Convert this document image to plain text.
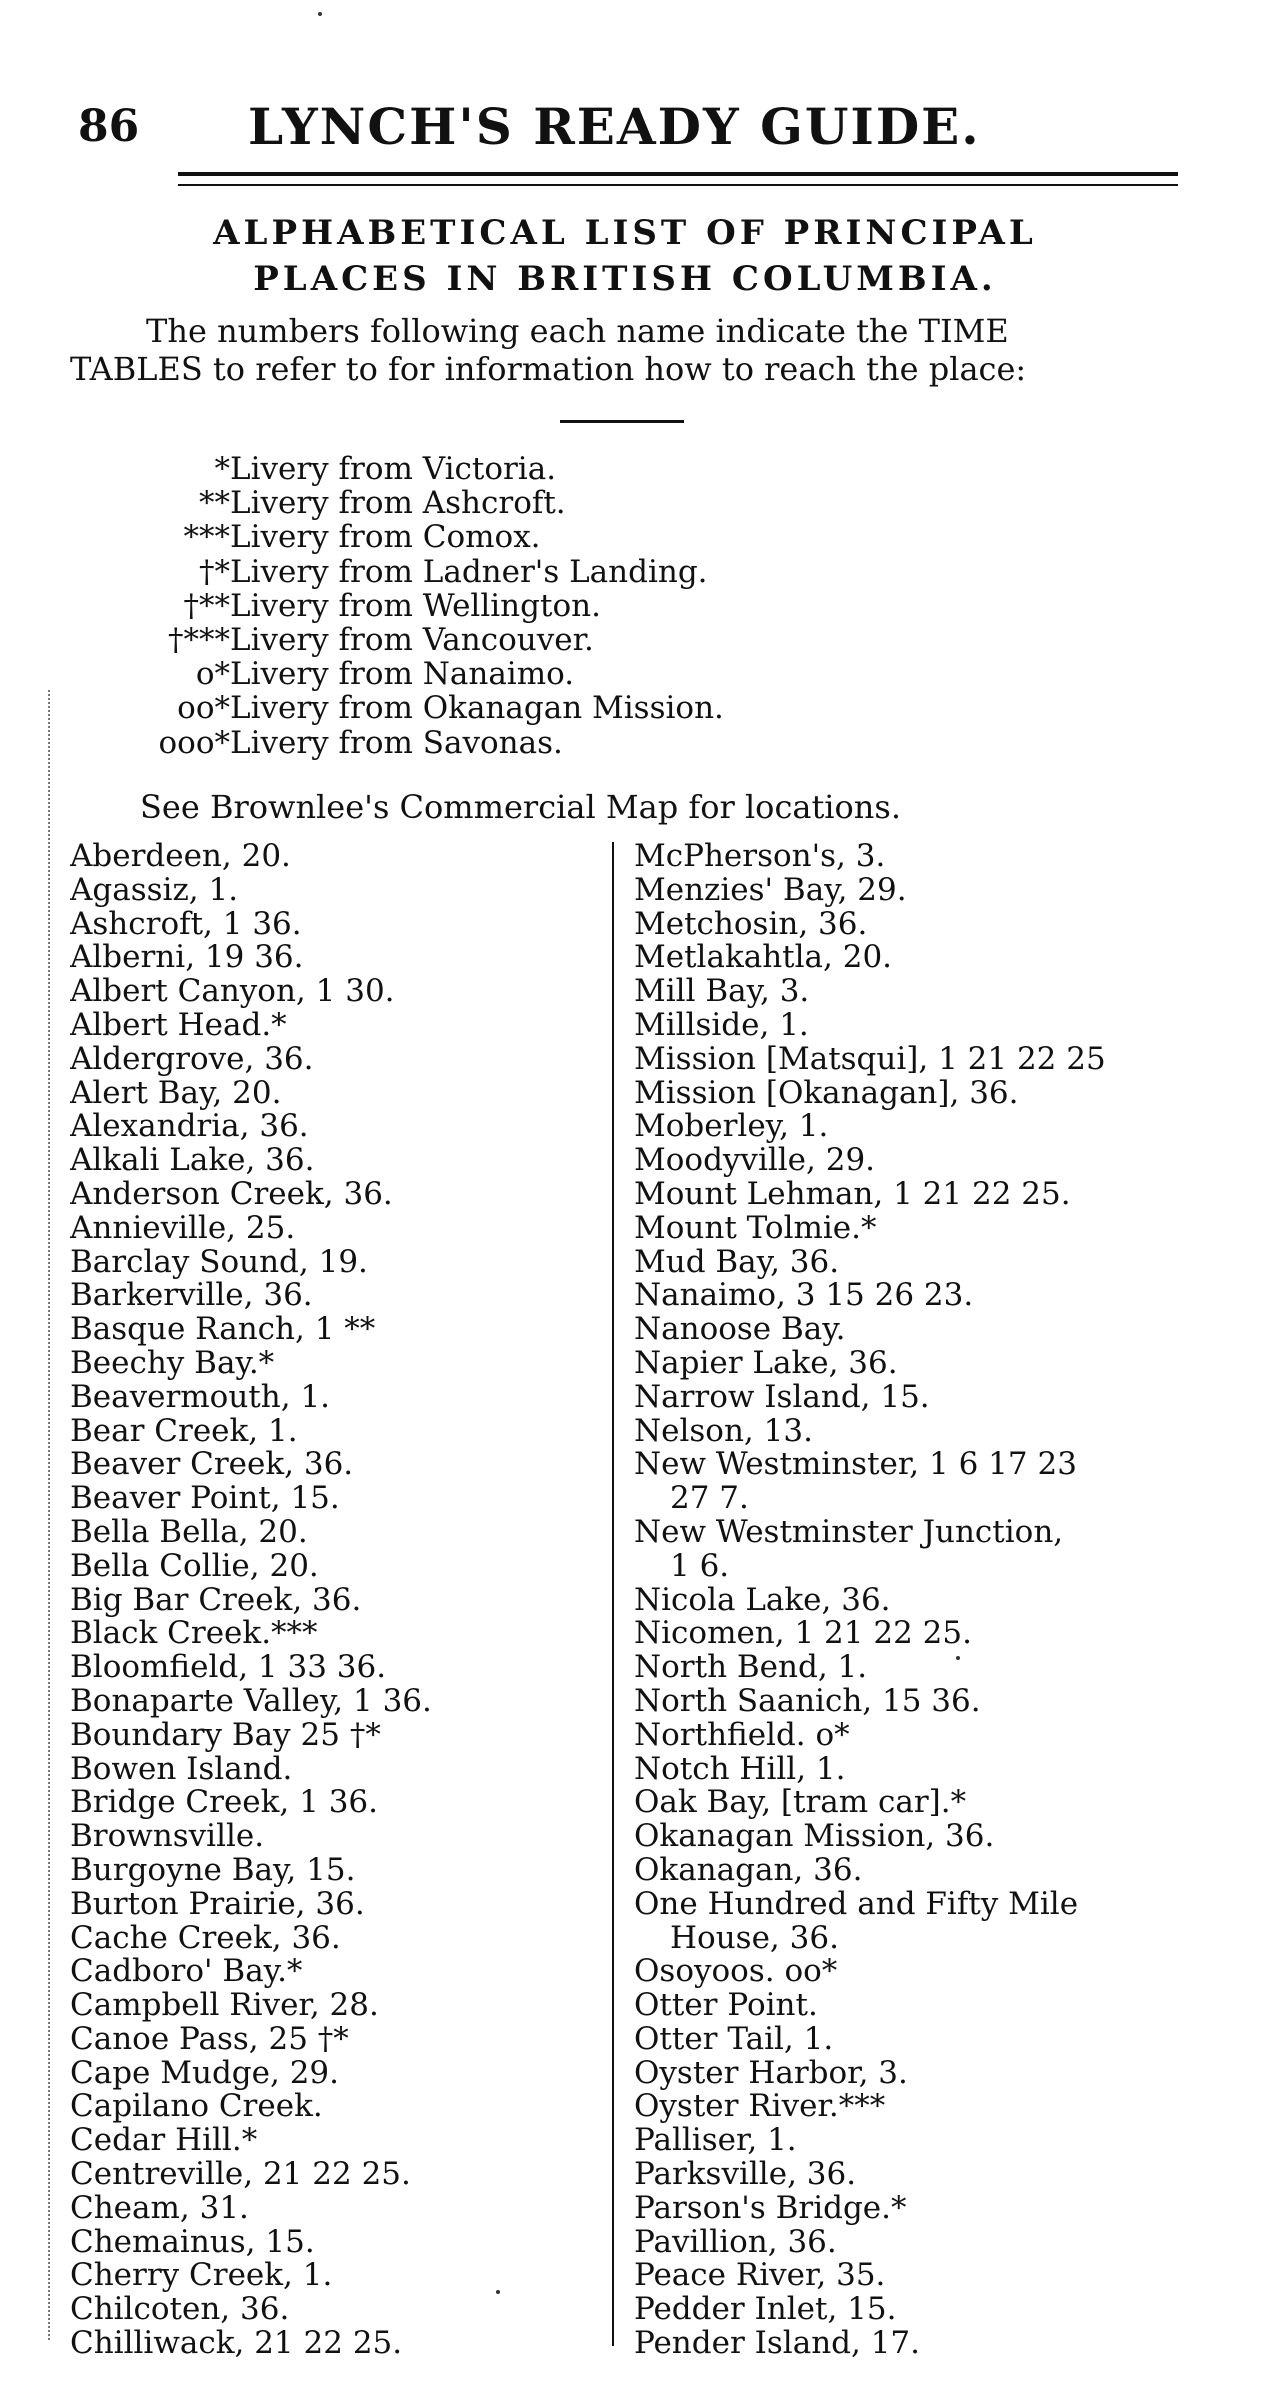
86 LYNCH'S READY GUIDE.
ALPHABETICAL LIST OF PRINCIPAL
PLACES IN BRITISH COLUMBIA.
The numbers following each name indicate the TIME
TABLES to refer to for information how to reach the place:
*Livery from Victoria.
**Livery from Ashcroft.
***Livery from Comox.
†*Livery from Ladner's Landing.
†**Livery from Wellington.
†***Livery from Vancouver.
o*Livery from Nanaimo.
oo*Livery from Okanagan Mission.
ooo*Livery from Savonas.
See Brownlee's Commercial Map for locations.
Aberdeen, 20.
Agassiz, 1.
Ashcroft, 1 36.
Alberni, 19 36.
Albert Canyon, 1 30.
Albert Head.*
Aldergrove, 36.
Alert Bay, 20.
Alexandria, 36.
Alkali Lake, 36.
Anderson Creek, 36.
Annieville, 25.
Barclay Sound, 19.
Barkerville, 36.
Basque Ranch, 1 **
Beechy Bay.*
Beavermouth, 1.
Bear Creek, 1.
Beaver Creek, 36.
Beaver Point, 15.
Bella Bella, 20.
Bella Collie, 20.
Big Bar Creek, 36.
Black Creek.***
Bloomfield, 1 33 36.
Bonaparte Valley, 1 36.
Boundary Bay 25 †*
Bowen Island.
Bridge Creek, 1 36.
Brownsville.
Burgoyne Bay, 15.
Burton Prairie, 36.
Cache Creek, 36.
Cadboro' Bay.*
Campbell River, 28.
Canoe Pass, 25 †*
Cape Mudge, 29.
Capilano Creek.
Cedar Hill.*
Centreville, 21 22 25.
Cheam, 31.
Chemainus, 15.
Cherry Creek, 1.
Chilcoten, 36.
Chilliwack, 21 22 25.
McPherson's, 3.
Menzies' Bay, 29.
Metchosin, 36.
Metlakahtla, 20.
Mill Bay, 3.
Millside, 1.
Mission [Matsqui], 1 21 22 25
Mission [Okanagan], 36.
Moberley, 1.
Moodyville, 29.
Mount Lehman, 1 21 22 25.
Mount Tolmie.*
Mud Bay, 36.
Nanaimo, 3 15 26 23.
Nanoose Bay.
Napier Lake, 36.
Narrow Island, 15.
Nelson, 13.
New Westminster, 1 6 17 23
27 7.
New Westminster Junction,
1 6.
Nicola Lake, 36.
Nicomen, 1 21 22 25.
North Bend, 1.
North Saanich, 15 36.
Northfield. o*
Notch Hill, 1.
Oak Bay, [tram car].*
Okanagan Mission, 36.
Okanagan, 36.
One Hundred and Fifty Mile
House, 36.
Osoyoos. oo*
Otter Point.
Otter Tail, 1.
Oyster Harbor, 3.
Oyster River.***
Palliser, 1.
Parksville, 36.
Parson's Bridge.*
Pavillion, 36.
Peace River, 35.
Pedder Inlet, 15.
Pender Island, 17.
